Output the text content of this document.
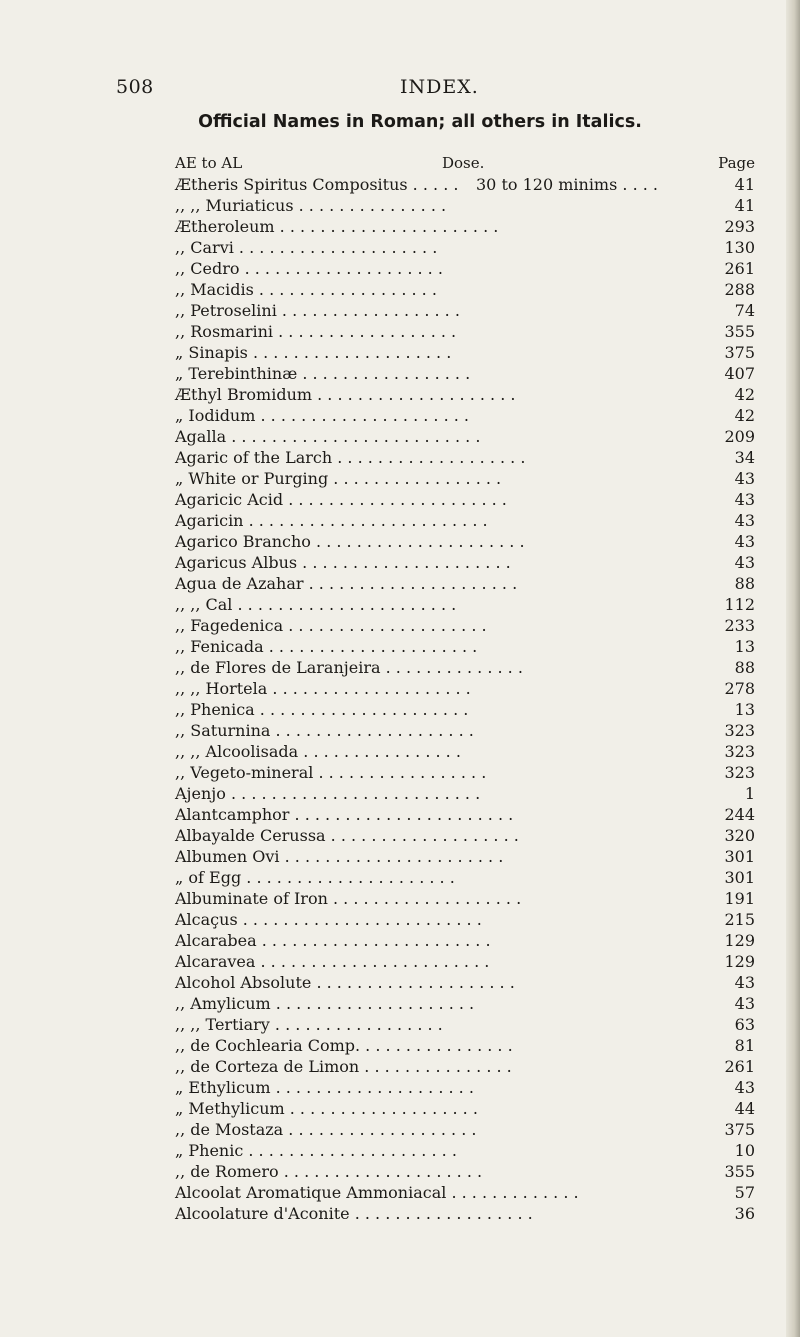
508	INDEX.
Official Names in Roman; all others in Italics.
AE to AL	Dose.	Page
Ætheris Spiritus Compositus . . . . . 30 to 120 minims . . . .	41
,, ,, Muriaticus . . . . . . . . . . . . . . .	41
Ætheroleum . . . . . . . . . . . . . . . . . . . . . .	293
,, Carvi . . . . . . . . . . . . . . . . . . . .	130
,, Cedro . . . . . . . . . . . . . . . . . . . .	261
,, Macidis . . . . . . . . . . . . . . . . . .	288
,, Petroselini . . . . . . . . . . . . . . . . . .	74
,, Rosmarini . . . . . . . . . . . . . . . . . .	355
„ Sinapis . . . . . . . . . . . . . . . . . . . .	375
„ Terebinthinæ . . . . . . . . . . . . . . . . .	407
Æthyl Bromidum . . . . . . . . . . . . . . . . . . . .	42
„ Iodidum . . . . . . . . . . . . . . . . . . . . .	42
Agalla . . . . . . . . . . . . . . . . . . . . . . . . .	209
Agaric of the Larch . . . . . . . . . . . . . . . . . . .	34
„ White or Purging . . . . . . . . . . . . . . . . .	43
Agaricic Acid . . . . . . . . . . . . . . . . . . . . . .	43
Agaricin . . . . . . . . . . . . . . . . . . . . . . . .	43
Agarico Brancho . . . . . . . . . . . . . . . . . . . . .	43
Agaricus Albus . . . . . . . . . . . . . . . . . . . . .	43
Agua de Azahar . . . . . . . . . . . . . . . . . . . . .	88
,, ,, Cal . . . . . . . . . . . . . . . . . . . . . .	112
,, Fagedenica . . . . . . . . . . . . . . . . . . . .	233
,, Fenicada . . . . . . . . . . . . . . . . . . . . .	13
,, de Flores de Laranjeira . . . . . . . . . . . . . .	88
,, ,, Hortela . . . . . . . . . . . . . . . . . . . .	278
,, Phenica . . . . . . . . . . . . . . . . . . . . .	13
,, Saturnina . . . . . . . . . . . . . . . . . . . .	323
,, ,, Alcoolisada . . . . . . . . . . . . . . . .	323
,, Vegeto-mineral . . . . . . . . . . . . . . . . .	323
Ajenjo . . . . . . . . . . . . . . . . . . . . . . . . .	1
Alantcamphor . . . . . . . . . . . . . . . . . . . . . .	244
Albayalde Cerussa . . . . . . . . . . . . . . . . . . .	320
Albumen Ovi . . . . . . . . . . . . . . . . . . . . . .	301
„ of Egg . . . . . . . . . . . . . . . . . . . . .	301
Albuminate of Iron . . . . . . . . . . . . . . . . . . .	191
Alcaçus . . . . . . . . . . . . . . . . . . . . . . . .	215
Alcarabea . . . . . . . . . . . . . . . . . . . . . . .	129
Alcaravea . . . . . . . . . . . . . . . . . . . . . . .	129
Alcohol Absolute . . . . . . . . . . . . . . . . . . . .	43
,, Amylicum . . . . . . . . . . . . . . . . . . . .	43
,, ,, Tertiary . . . . . . . . . . . . . . . . .	63
,, de Cochlearia Comp. . . . . . . . . . . . . . . .	81
,, de Corteza de Limon . . . . . . . . . . . . . . .	261
„ Ethylicum . . . . . . . . . . . . . . . . . . . .	43
„ Methylicum . . . . . . . . . . . . . . . . . . .	44
,, de Mostaza . . . . . . . . . . . . . . . . . . .	375
„ Phenic . . . . . . . . . . . . . . . . . . . . .	10
,, de Romero . . . . . . . . . . . . . . . . . . . .	355
Alcoolat Aromatique Ammoniacal . . . . . . . . . . . . .	57
Alcoolature d'Aconite . . . . . . . . . . . . . . . . . .	36
